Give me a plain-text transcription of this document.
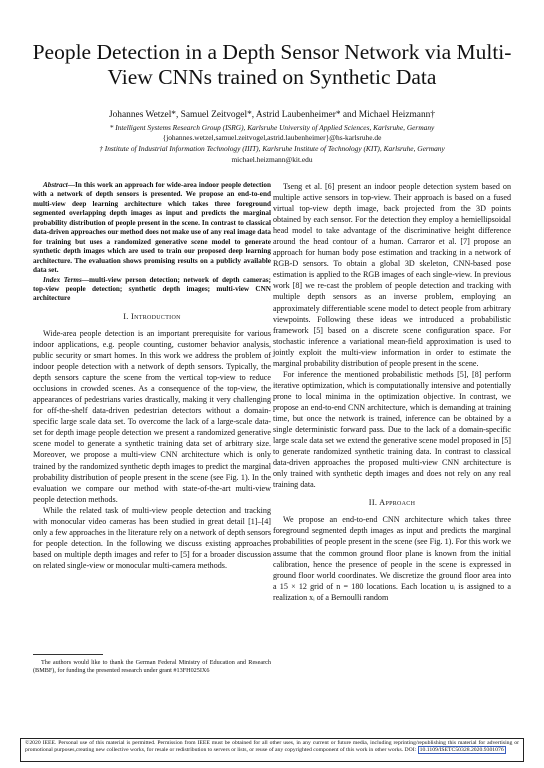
People Detection in a Depth Sensor Network via Multi-View CNNs trained on Synthetic Data
Johannes Wetzel*, Samuel Zeitvogel*, Astrid Laubenheimer* and Michael Heizmann†
* Intelligent Systems Research Group (ISRG), Karlsruhe University of Applied Sciences, Karlsruhe, Germany
{johannes.wetzel,samuel.zeitvogel,astrid.laubenheimer}@hs-karlsruhe.de
† Institute of Industrial Information Technology (IIIT), Karlsruhe Institute of Technology (KIT), Karlsruhe, Germany
michael.heizmann@kit.edu
Abstract—In this work an approach for wide-area indoor people detection with a network of depth sensors is presented. We propose an end-to-end multi-view deep learning architecture which takes three foreground segmented overlapping depth images as input and predicts the marginal probability distribution of people present in the scene. In contrast to classical data-driven approaches our method does not make use of any real image data for training but uses a randomized generative scene model to generate synthetic depth images which are used to train our proposed deep learning architecture. The evaluation shows promising results on a publicly available data set.
Index Terms—multi-view person detection; network of depth cameras; top-view people detection; synthetic depth images; multi-view CNN architecture
I. Introduction
Wide-area people detection is an important prerequisite for various indoor applications, e.g. people counting, customer behavior analysis, public security or smart homes. In this work we address the problem of indoor people detection with a network of depth sensors. Typically, the depth sensors capture the scene from the vertical top-view to reduce occlusions in crowded scenes. As a consequence of the top-view, the appearances of pedestrians varies drastically, making it very challenging for off-the-shelf data-driven pedestrian detectors without a domain-specific large scale data set. To overcome the lack of a large-scale data-set for depth image people detection we present a randomized generative scene model to generate a synthetic training data set of arbitrary size. Moreover, we propose a multi-view CNN architecture which is only trained by the randomized synthetic depth images to predict the marginal probability distribution of people present in the scene (see Fig. 1). In the evaluation we compare our method with state-of-the-art multi-view people detection methods.
While the related task of multi-view people detection and tracking with monocular video cameras has been studied in great detail [1]–[4] only a few approaches in the literature rely on a network of depth sensors for people detection. In the following we discuss existing approaches based on multiple depth images and refer to [5] for a broader discussion on related single-view or monocular multi-camera methods.
The authors would like to thank the German Federal Ministry of Education and Research (BMBF), for funding the presented research under grant #13FH025IX6
Tseng et al. [6] present an indoor people detection system based on multiple active sensors in top-view. Their approach is based on a fused virtual top-view depth image, back projected from the 3D points obtained by each sensor. For the detection they employ a hemiellipsoidal head model to take advantage of the discriminative height difference around the head contour of a human. Carraror et al. [7] propose an approach for human body pose estimation and tracking in a network of RGB-D sensors. To obtain a global 3D skeleton, CNN-based pose estimation is applied to the RGB images of each single-view. In previous work [8] we re-cast the problem of people detection and tracking with multiple depth sensors as an inverse problem, employing an approximately differentiable scene model to detect people from arbitrary viewpoints. Following these ideas we introduced a probabilistic framework [5] based on a discrete scene configuration space. For stochastic inference a variational mean-field approximation is used to jointly exploit the multi-view information in order to estimate the marginal probability distribution of people present in the scene.
For inference the mentioned probabilistic methods [5], [8] perform iterative optimization, which is computationally intensive and potentially prone to local minima in the optimization objective. In contrast, we propose an end-to-end CNN architecture, which is demanding at training time, but once the network is trained, inference can be obtained by a single deterministic forward pass. Due to the lack of a domain-specific large scale data set we extend the generative scene model proposed in [5] to generate randomized synthetic training data. In contrast to classical data-driven approaches the proposed multi-view CNN architecture is only trained with synthetic depth images and does not rely on any real training data.
II. Approach
We propose an end-to-end CNN architecture which takes three foreground segmented depth images as input and predicts the marginal probabilities of people present in the scene (see Fig. 1). For this work we assume that the common ground floor plane is known from the initial calibration, hence the presence of people in the scene is expressed in ground floor world coordinates. We discretize the ground floor area into a 15 × 12 grid of n = 180 locations. Each location uᵢ is assigned to a realization xᵢ of a Bernoulli random
©2020 IEEE. Personal use of this material is permitted. Permission from IEEE must be obtained for all other uses, in any current or future media, including reprinting/republishing this material for advertising or promotional purposes,creating new collective works, for resale or redistribution to servers or lists, or reuse of any copyrighted component of this work in other works. DOI: 10.1109/ISETC50328.2020.9301076
